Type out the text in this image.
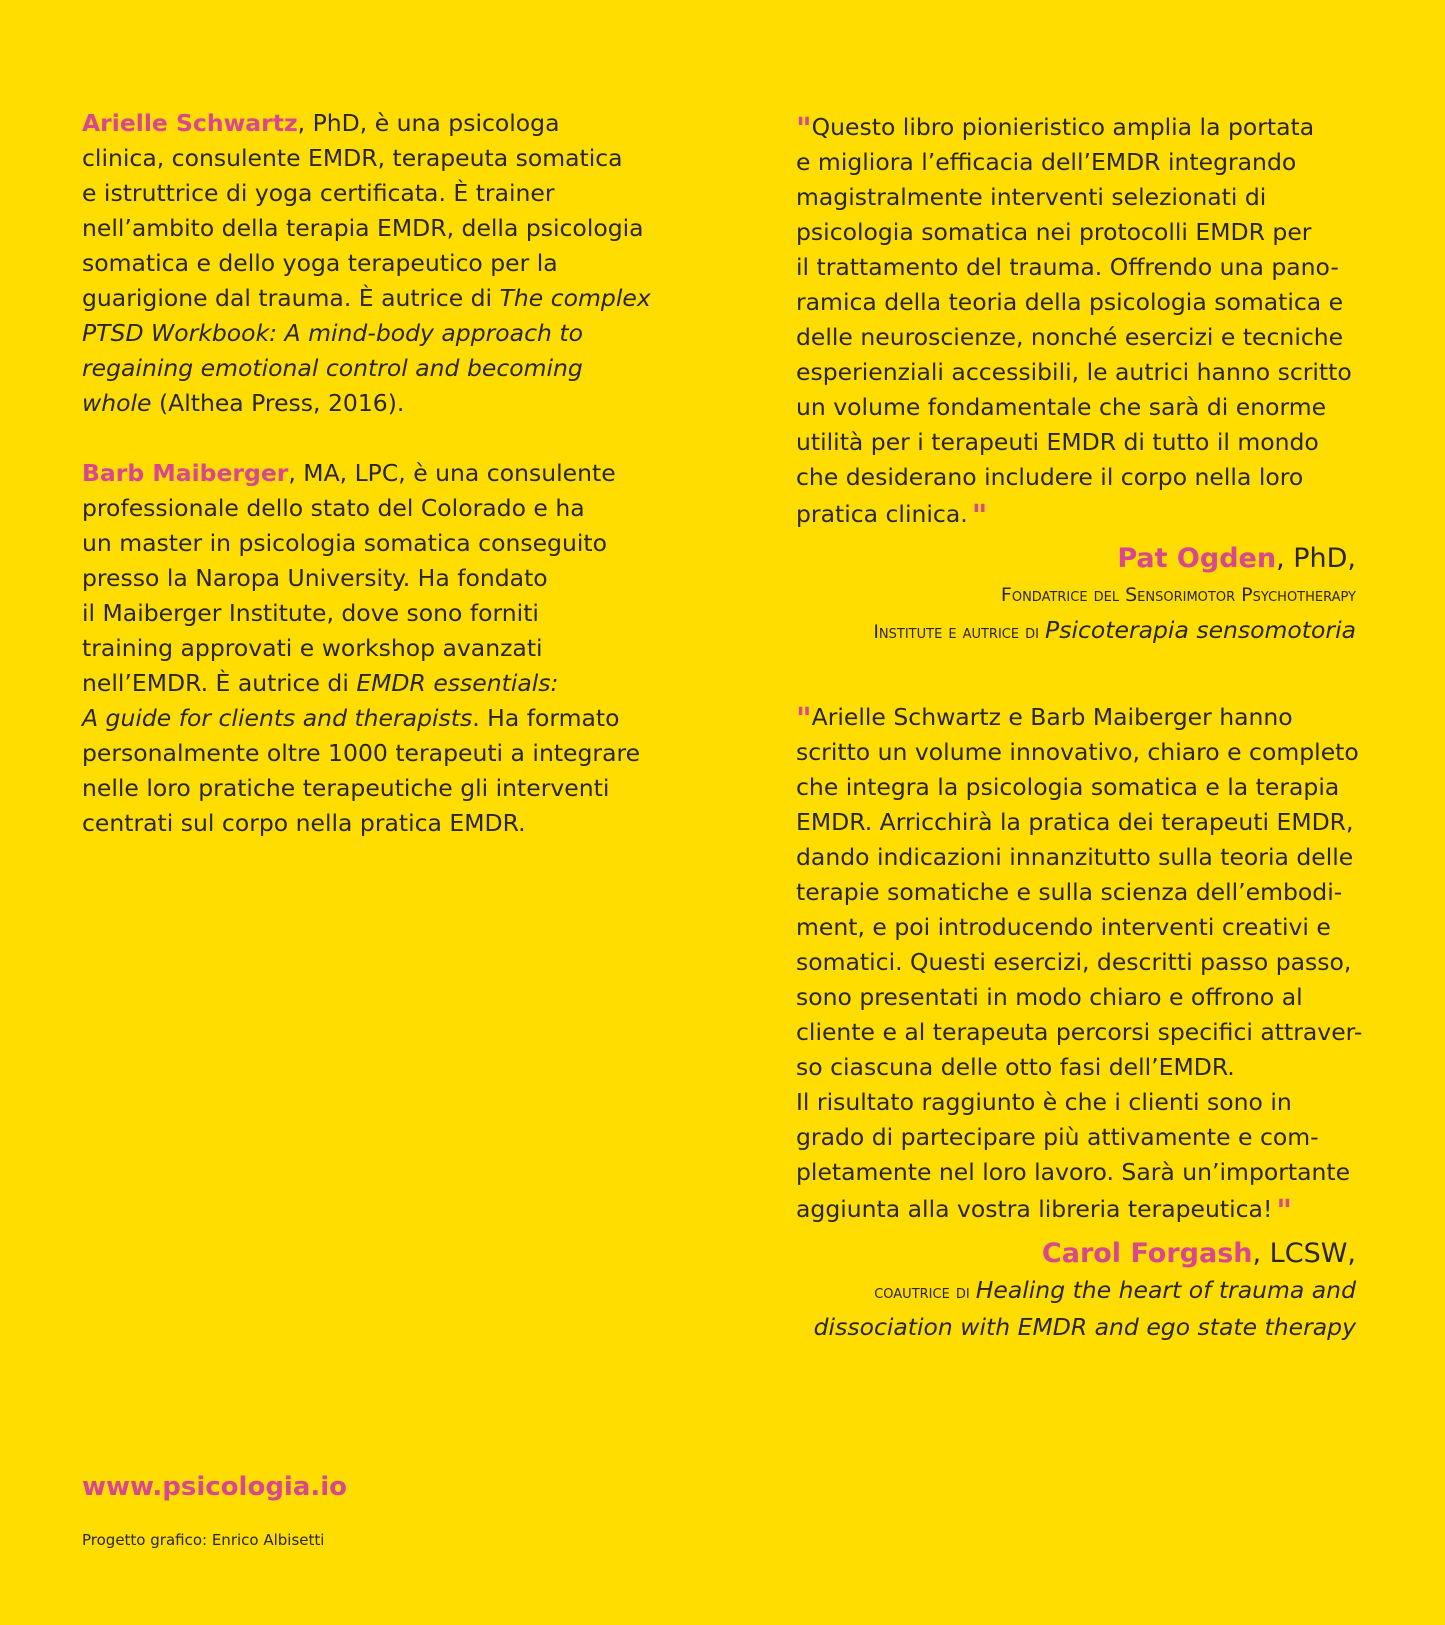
Arielle Schwartz, PhD, è una psicologa
clinica, consulente EMDR, terapeuta somatica
e istruttrice di yoga certificata. È trainer
nell’ambito della terapia EMDR, della psicologia
somatica e dello yoga terapeutico per la
guarigione dal trauma. È autrice di The complex
PTSD Workbook: A mind-body approach to
regaining emotional control and becoming
whole (Althea Press, 2016).
Barb Maiberger, MA, LPC, è una consulente
professionale dello stato del Colorado e ha
un master in psicologia somatica conseguito
presso la Naropa University. Ha fondato
il Maiberger Institute, dove sono forniti
training approvati e workshop avanzati
nell’EMDR. È autrice di EMDR essentials:
A guide for clients and therapists. Ha formato
personalmente oltre 1000 terapeuti a integrare
nelle loro pratiche terapeutiche gli interventi
centrati sul corpo nella pratica EMDR.
" Questo libro pionieristico amplia la portata
e migliora l’efficacia dell’EMDR integrando
magistralmente interventi selezionati di
psicologia somatica nei protocolli EMDR per
il trattamento del trauma. Offrendo una pano-
ramica della teoria della psicologia somatica e
delle neuroscienze, nonché esercizi e tecniche
esperienziali accessibili, le autrici hanno scritto
un volume fondamentale che sarà di enorme
utilità per i terapeuti EMDR di tutto il mondo
che desiderano includere il corpo nella loro
pratica clinica. "
Pat Ogden, PhD,
Fondatrice del Sensorimotor Psychotherapy
Institute e autrice di Psicoterapia sensomotoria
" Arielle Schwartz e Barb Maiberger hanno
scritto un volume innovativo, chiaro e completo
che integra la psicologia somatica e la terapia
EMDR. Arricchirà la pratica dei terapeuti EMDR,
dando indicazioni innanzitutto sulla teoria delle
terapie somatiche e sulla scienza dell’embodi-
ment, e poi introducendo interventi creativi e
somatici. Questi esercizi, descritti passo passo,
sono presentati in modo chiaro e offrono al
cliente e al terapeuta percorsi specifici attraver-
so ciascuna delle otto fasi dell’EMDR.
Il risultato raggiunto è che i clienti sono in
grado di partecipare più attivamente e com-
pletamente nel loro lavoro. Sarà un’importante
aggiunta alla vostra libreria terapeutica! "
Carol Forgash, LCSW,
coautrice di Healing the heart of trauma and
dissociation with EMDR and ego state therapy
www.psicologia.io
Progetto grafico: Enrico Albisetti
